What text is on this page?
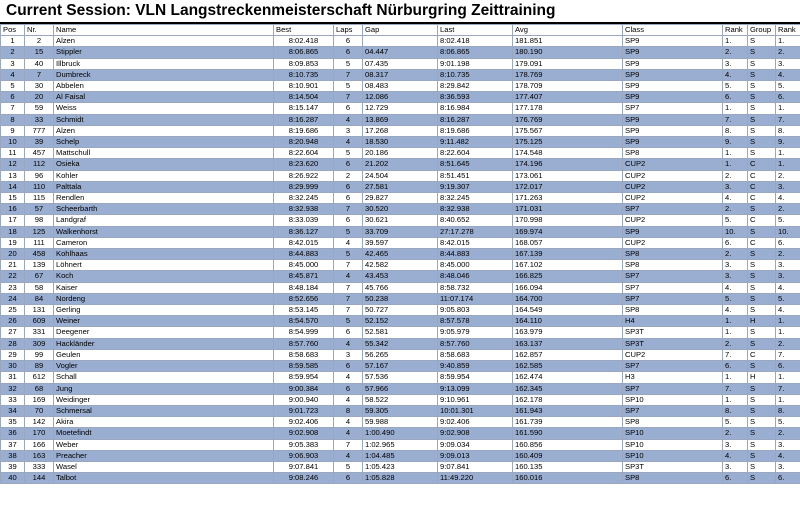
Current Session: VLN Langstreckenmeisterschaft Nürburgring Zeittraining
Pos	Nr.	Name	Best	Laps	Gap	Last	Avg	Class	Rank	Group	Rank
1	2	Alzen	8:02.418	6		8:02.418	181.851	SP9	1.	S	1.
2	15	Stippler	8:06.865	6	04.447	8:06.865	180.190	SP9	2.	S	2.
3	40	Illbruck	8:09.853	5	07.435	9:01.198	179.091	SP9	3.	S	3.
4	7	Dumbreck	8:10.735	7	08.317	8:10.735	178.769	SP9	4.	S	4.
5	30	Abbelen	8:10.901	5	08.483	8:29.842	178.709	SP9	5.	S	5.
6	20	Al Faisal	8:14.504	7	12.086	8:36.593	177.407	SP9	6.	S	6.
7	59	Weiss	8:15.147	6	12.729	8:16.984	177.178	SP7	1.	S	1.
8	33	Schmidt	8:16.287	4	13.869	8:16.287	176.769	SP9	7.	S	7.
9	777	Alzen	8:19.686	3	17.268	8:19.686	175.567	SP9	8.	S	8.
10	39	Schelp	8:20.948	4	18.530	9:11.482	175.125	SP9	9.	S	9.
11	457	Mattschull	8:22.604	5	20.186	8:22.604	174.548	SP8	1.	S	1.
12	112	Osieka	8:23.620	6	21.202	8:51.645	174.196	CUP2	1.	C	1.
13	96	Kohler	8:26.922	2	24.504	8:51.451	173.061	CUP2	2.	C	2.
14	110	Palttala	8:29.999	6	27.581	9:19.307	172.017	CUP2	3.	C	3.
15	115	Rendlen	8:32.245	6	29.827	8:32.245	171.263	CUP2	4.	C	4.
16	57	Scheerbarth	8:32.938	7	30.520	8:32.938	171.031	SP7	2.	S	2.
17	98	Landgraf	8:33.039	6	30.621	8:40.652	170.998	CUP2	5.	C	5.
18	125	Walkenhorst	8:36.127	5	33.709	27:17.278	169.974	SP9	10.	S	10.
19	111	Cameron	8:42.015	4	39.597	8:42.015	168.057	CUP2	6.	C	6.
20	458	Kohlhaas	8:44.883	5	42.465	8:44.883	167.139	SP8	2.	S	2.
21	139	Löhnert	8:45.000	7	42.582	8:45.000	167.102	SP8	3.	S	3.
22	67	Koch	8:45.871	4	43.453	8:48.046	166.825	SP7	3.	S	3.
23	58	Kaiser	8:48.184	7	45.766	8:58.732	166.094	SP7	4.	S	4.
24	84	Nordeng	8:52.656	7	50.238	11:07.174	164.700	SP7	5.	S	5.
25	131	Gerling	8:53.145	7	50.727	9:05.803	164.549	SP8	4.	S	4.
26	609	Weiner	8:54.570	5	52.152	8:57.578	164.110	H4	1.	H	1.
27	331	Deegener	8:54.999	6	52.581	9:05.979	163.979	SP3T	1.	S	1.
28	309	Hackländer	8:57.760	4	55.342	8:57.760	163.137	SP3T	2.	S	2.
29	99	Geulen	8:58.683	3	56.265	8:58.683	162.857	CUP2	7.	C	7.
30	89	Vogler	8:59.585	6	57.167	9:40.859	162.585	SP7	6.	S	6.
31	612	Schall	8:59.954	4	57.536	8:59.954	162.474	H3	1.	H	1.
32	68	Jung	9:00.384	6	57.966	9:13.099	162.345	SP7	7.	S	7.
33	169	Weidinger	9:00.940	4	58.522	9:10.961	162.178	SP10	1.	S	1.
34	70	Schmersal	9:01.723	8	59.305	10:01.301	161.943	SP7	8.	S	8.
35	142	Akira	9:02.406	4	59.988	9:02.406	161.739	SP8	5.	S	5.
36	170	Moetefindt	9:02.908	4	1:00.490	9:02.908	161.590	SP10	2.	S	2.
37	166	Weber	9:05.383	7	1:02.965	9:09.034	160.856	SP10	3.	S	3.
38	163	Preacher	9:06.903	4	1:04.485	9:09.013	160.409	SP10	4.	S	4.
39	333	Wasel	9:07.841	5	1:05.423	9:07.841	160.135	SP3T	3.	S	3.
40	144	Talbot	9:08.246	6	1:05.828	11:49.220	160.016	SP8	6.	S	6.
